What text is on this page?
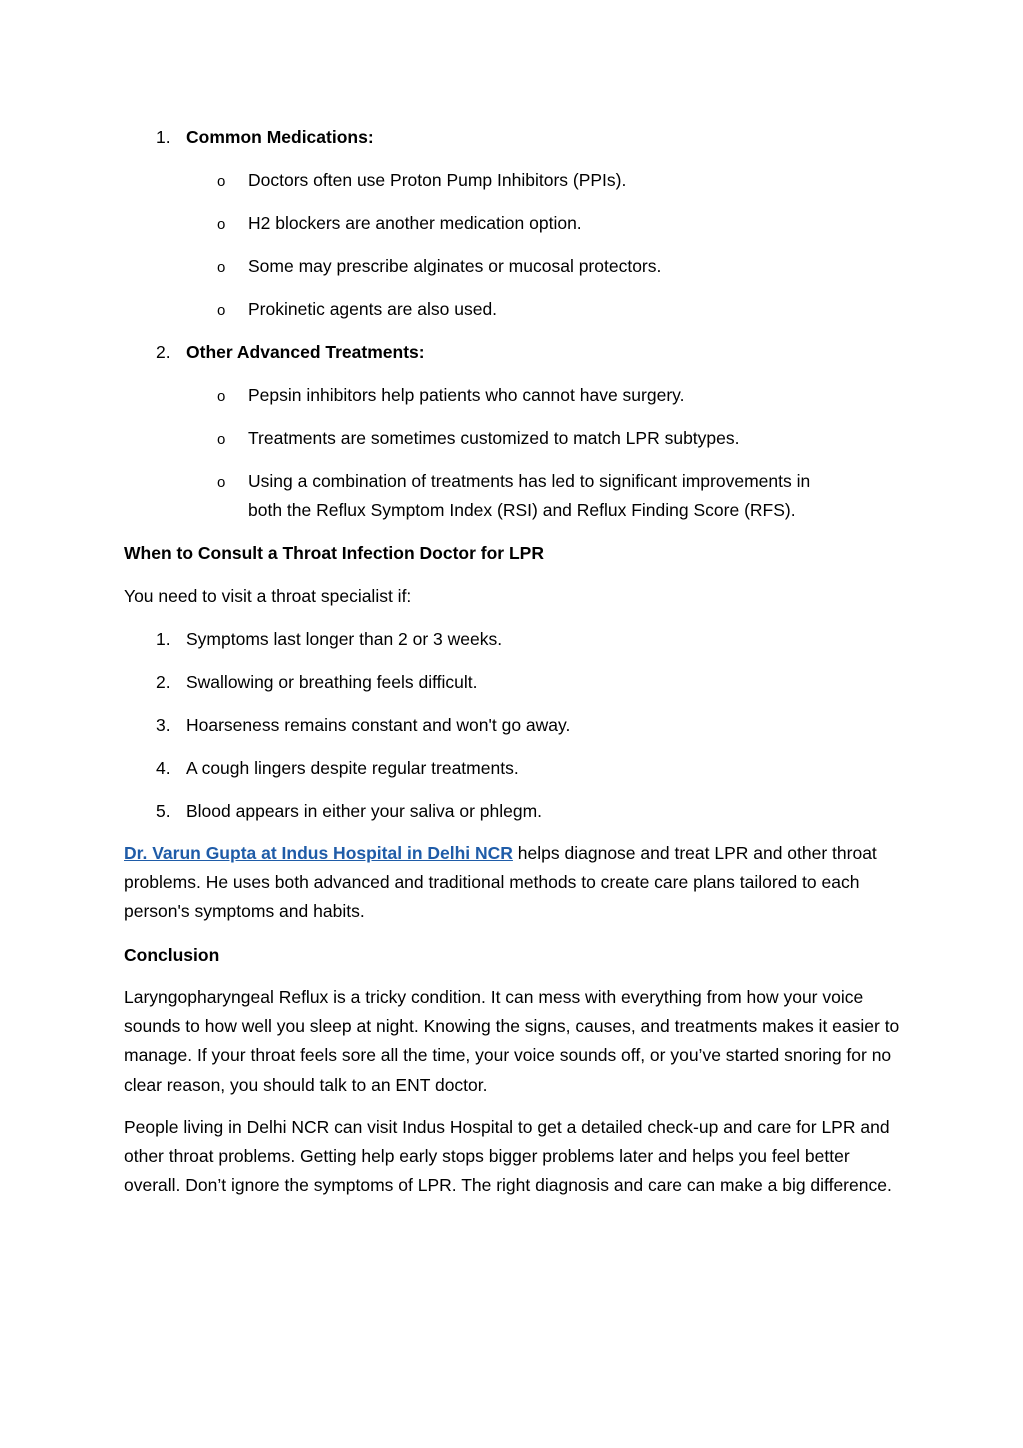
1. Common Medications:
o Doctors often use Proton Pump Inhibitors (PPIs).
o H2 blockers are another medication option.
o Some may prescribe alginates or mucosal protectors.
o Prokinetic agents are also used.
2. Other Advanced Treatments:
o Pepsin inhibitors help patients who cannot have surgery.
o Treatments are sometimes customized to match LPR subtypes.
o Using a combination of treatments has led to significant improvements in
both the Reflux Symptom Index (RSI) and Reflux Finding Score (RFS).
When to Consult a Throat Infection Doctor for LPR
You need to visit a throat specialist if:
1. Symptoms last longer than 2 or 3 weeks.
2. Swallowing or breathing feels difficult.
3. Hoarseness remains constant and won't go away.
4. A cough lingers despite regular treatments.
5. Blood appears in either your saliva or phlegm.

Dr. Varun Gupta at Indus Hospital in Delhi NCR helps diagnose and treat LPR and other throat problems. He uses both advanced and traditional methods to create care plans tailored to each person's symptoms and habits.

Conclusion

Laryngopharyngeal Reflux is a tricky condition. It can mess with everything from how your voice sounds to how well you sleep at night. Knowing the signs, causes, and treatments makes it easier to manage. If your throat feels sore all the time, your voice sounds off, or you’ve started snoring for no clear reason, you should talk to an ENT doctor.

People living in Delhi NCR can visit Indus Hospital to get a detailed check-up and care for LPR and other throat problems. Getting help early stops bigger problems later and helps you feel better overall. Don’t ignore the symptoms of LPR. The right diagnosis and care can make a big difference.
